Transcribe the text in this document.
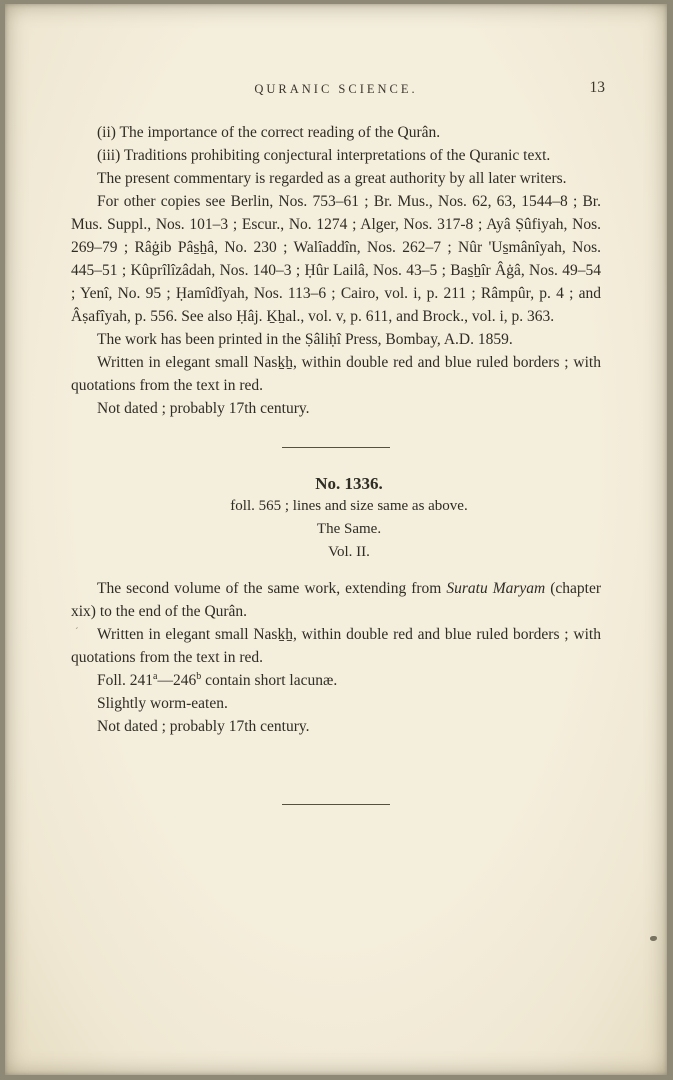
QURANIC SCIENCE.	13

(ii) The importance of the correct reading of the Qurân.

(iii) Traditions prohibiting conjectural interpretations of the Quranic text.

The present commentary is regarded as a great authority by all later writers.

For other copies see Berlin, Nos. 753–61 ; Br. Mus., Nos. 62, 63, 1544–8 ; Br. Mus. Suppl., Nos. 101–3 ; Escur., No. 1274 ; Alger, Nos. 317-8 ; Ayâ Ṣûfiyah, Nos. 269–79 ; Râġib Pâs̱ẖâ, No. 230 ; Walîaddîn, Nos. 262–7 ; Nûr 'Us̱mânîyah, Nos. 445–51 ; Kûprîlîzâdah, Nos. 140–3 ; Ḥûr Lailâ, Nos. 43–5 ; Bas̱ẖîr Âġâ, Nos. 49–54 ; Yenî, No. 95 ; Ḥamîdîyah, Nos. 113–6 ; Cairo, vol. i, p. 211 ; Râmpûr, p. 4 ; and Âṣafîyah, p. 556. See also Ḥâj. Ḵẖal., vol. v, p. 611, and Brock., vol. i, p. 363.

The work has been printed in the Ṣâliḥî Press, Bombay, A.D. 1859.

Written in elegant small Nasḵẖ, within double red and blue ruled borders ; with quotations from the text in red.

Not dated ; probably 17th century.

No. 1336.

foll. 565 ; lines and size same as above.

The Same.

Vol. II.

The second volume of the same work, extending from Suratu Maryam (chapter xix) to the end of the Qurân.

Written in elegant small Nasḵẖ, within double red and blue ruled borders ; with quotations from the text in red.

Foll. 241$^a$—246$^b$ contain short lacunæ.

Slightly worm-eaten.

Not dated ; probably 17th century.

´
